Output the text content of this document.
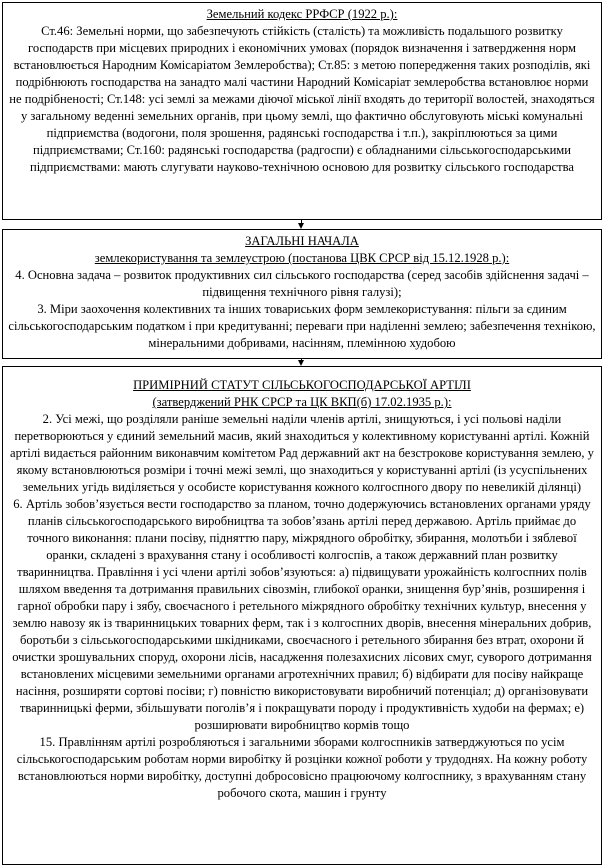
Земельний кодекс РРФСР (1922 р.):

Ст.46: Земельні норми, що забезпечують стійкість (сталість) та можливість подальшого розвитку господарств при місцевих природних і економічних умовах (порядок визначення і затвердження норм встановлюється Народним Комісаріатом Землеробства); Ст.85: з метою попередження таких розподілів, які подрібнюють господарства на занадто малі частини Народний Комісаріат землеробства встановлює норми не подрібненості; Ст.148: усі землі за межами діючої міської лінії входять до території волостей, знаходяться у загальному веденні земельних органів, при цьому землі, що фактично обслуговують міські комунальні підприємства (водогони, поля зрошення, радянські господарства і т.п.), закріплюються за цими підприємствами; Ст.160: радянські господарства (радгоспи) є обладнаними сільськогосподарськими підприємствами: мають слугувати науково-технічною основою для розвитку сільського господарства

ЗАГАЛЬНІ НАЧАЛА

землекористування та землеустрою (постанова ЦВК СРСР від 15.12.1928 р.):

4. Основна задача – розвиток продуктивних сил сільського господарства (серед засобів здійснення задачі – підвищення технічного рівня галузі);

3. Міри заохочення колективних та інших товариських форм землекористування: пільги за єдиним сільськогосподарським податком і при кредитуванні; переваги при наділенні землею; забезпечення технікою, мінеральними добривами, насінням, племінною худобою

ПРИМІРНИЙ СТАТУТ СІЛЬСЬКОГОСПОДАРСЬКОЇ АРТІЛІ

(затверджений РНК СРСР та ЦК ВКП(б) 17.02.1935 р.):

2. Усі межі, що розділяли раніше земельні наділи членів артілі, знищуються, і усі польові наділи перетворюються у єдиний земельний масив, який знаходиться у колективному користуванні артілі. Кожній артілі видається районним виконавчим комітетом Рад державний акт на безстрокове користування землею, у якому встановлюються розміри і точні межі землі, що знаходиться у користуванні артілі (із усуспільнених земельних угідь виділяється у особисте користування кожного колгоспного двору по невеликій ділянці)

6. Артіль зобов’язується вести господарство за планом, точно додержуючись встановлених органами уряду планів сільськогосподарського виробництва та зобов’язань артілі перед державою. Артіль приймає до точного виконання: плани посіву, підняттю пару, міжрядного обробітку, збирання, молотьби і зяблевої оранки, складені з врахування стану і особливості колгоспів, а також державний план розвитку тваринництва. Правління і усі члени артілі зобов’язуються: а) підвищувати урожайність колгоспних полів шляхом введення та дотримання правильних сівозмін, глибокої оранки, знищення бур’янів, розширення і гарної обробки пару і зябу, своєчасного і ретельного міжрядного обробітку технічних культур, внесення у землю навозу як із тваринницьких товарних ферм, так і з колгоспних дворів, внесення мінеральних добрив, боротьби з сільськогосподарськими шкідниками, своєчасного і ретельного збирання без втрат, охорони й очистки зрошувальних споруд, охорони лісів, насадження полезахисних лісових смуг, суворого дотримання встановлених місцевими земельними органами агротехнічних правил; б) відбирати для посіву найкраще насіння, розширяти сортові посіви; г) повністю використовувати виробничий потенціал; д) організовувати тваринницькі ферми, збільшувати поголів’я і покращувати породу і продуктивність худоби на фермах; е) розширювати виробництво кормів тощо

15. Правлінням артілі розробляються і загальними зборами колгоспників затверджуються по усім сільськогосподарським роботам норми виробітку й розцінки кожної роботи у трудоднях. На кожну роботу встановлюються норми виробітку, доступні добросовісно працюючому колгоспнику, з врахуванням стану робочого скота, машин і грунту
